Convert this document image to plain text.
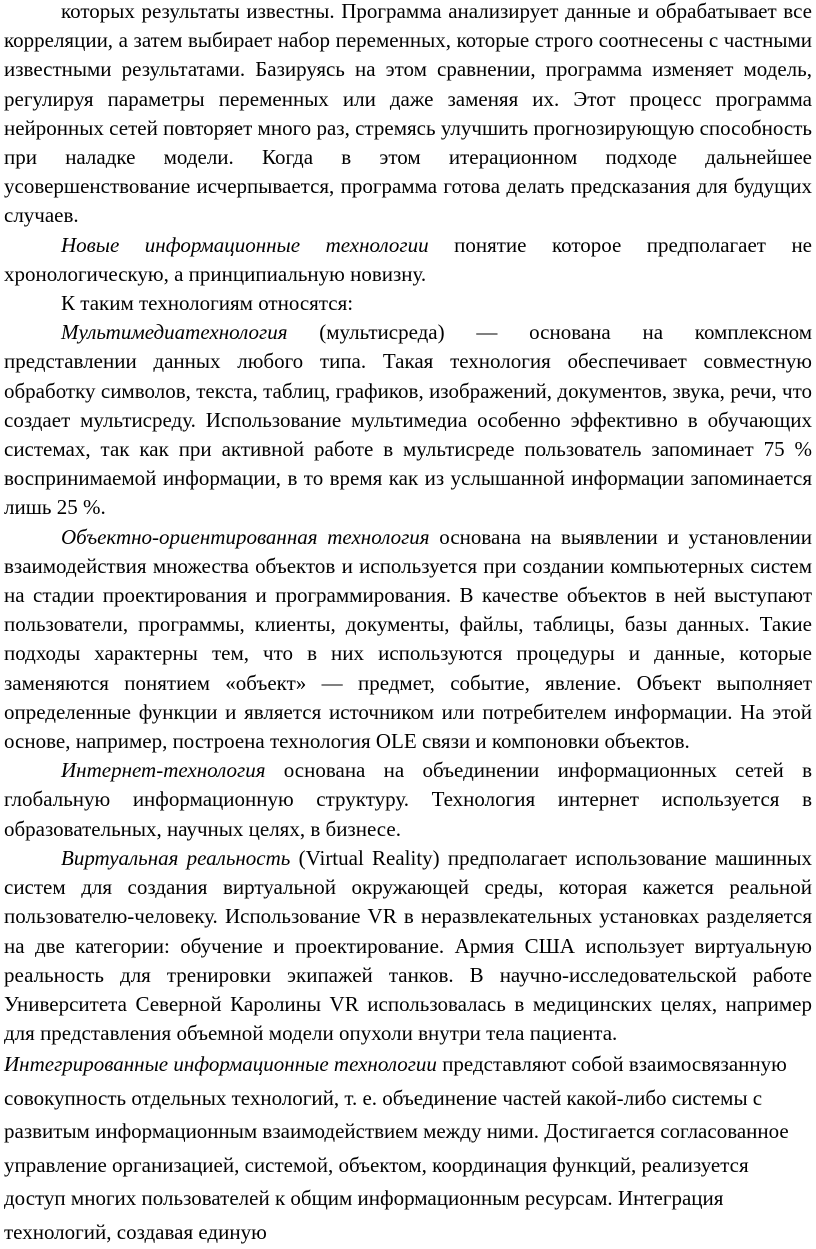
которых результаты известны. Программа анализирует данные и обрабатывает все корреляции, а затем выбирает набор переменных, которые строго соотнесены с частными известными результатами. Базируясь на этом сравнении, программа изменяет модель, регулируя параметры переменных или даже заменяя их. Этот процесс программа нейронных сетей повторяет много раз, стремясь улучшить прогнозирующую способность при наладке модели. Когда в этом итерационном подходе дальнейшее усовершенствование исчерпывается, программа готова делать предсказания для будущих случаев.

Новые информационные технологии понятие которое предполагает не хронологическую, а принципиальную новизну.

К таким технологиям относятся:

Мультимедиатехнология (мультисреда) — основана на комплексном представлении данных любого типа. Такая технология обеспечивает совместную обработку символов, текста, таблиц, графиков, изображений, документов, звука, речи, что создает мультисреду. Использование мультимедиа особенно эффективно в обучающих системах, так как при активной работе в мультисреде пользователь запоминает 75 % воспринимаемой информации, в то время как из услышанной информации запоминается лишь 25 %.

Объектно-ориентированная технология основана на выявлении и установлении взаимодействия множества объектов и используется при создании компьютерных систем на стадии проектирования и программирования. В качестве объектов в ней выступают пользователи, программы, клиенты, документы, файлы, таблицы, базы данных. Такие подходы характерны тем, что в них используются процедуры и данные, которые заменяются понятием «объект» — предмет, событие, явление. Объект выполняет определенные функции и является источником или потребителем информации. На этой основе, например, построена технология OLE связи и компоновки объектов.

Интернет-технология основана на объединении информационных сетей в глобальную информационную структуру. Технология интернет используется в образовательных, научных целях, в бизнесе.

Виртуальная реальность (Virtual Reality) предполагает использование машинных систем для создания виртуальной окружающей среды, которая кажется реальной пользователю-человеку. Использование VR в неразвлекательных установках разделяется на две категории: обучение и проектирование. Армия США использует виртуальную реальность для тренировки экипажей танков. В научно-исследовательской работе Университета Северной Каролины VR использовалась в медицинских целях, например для представления объемной модели опухоли внутри тела пациента.

Интегрированные информационные технологии представляют собой взаимосвязанную совокупность отдельных технологий, т. е. объединение частей какой-либо системы с развитым информационным взаимодействием между ними. Достигается согласованное управление организацией, системой, объектом, координация функций, реализуется доступ многих пользователей к общим информационным ресурсам. Интеграция технологий, создавая единую
